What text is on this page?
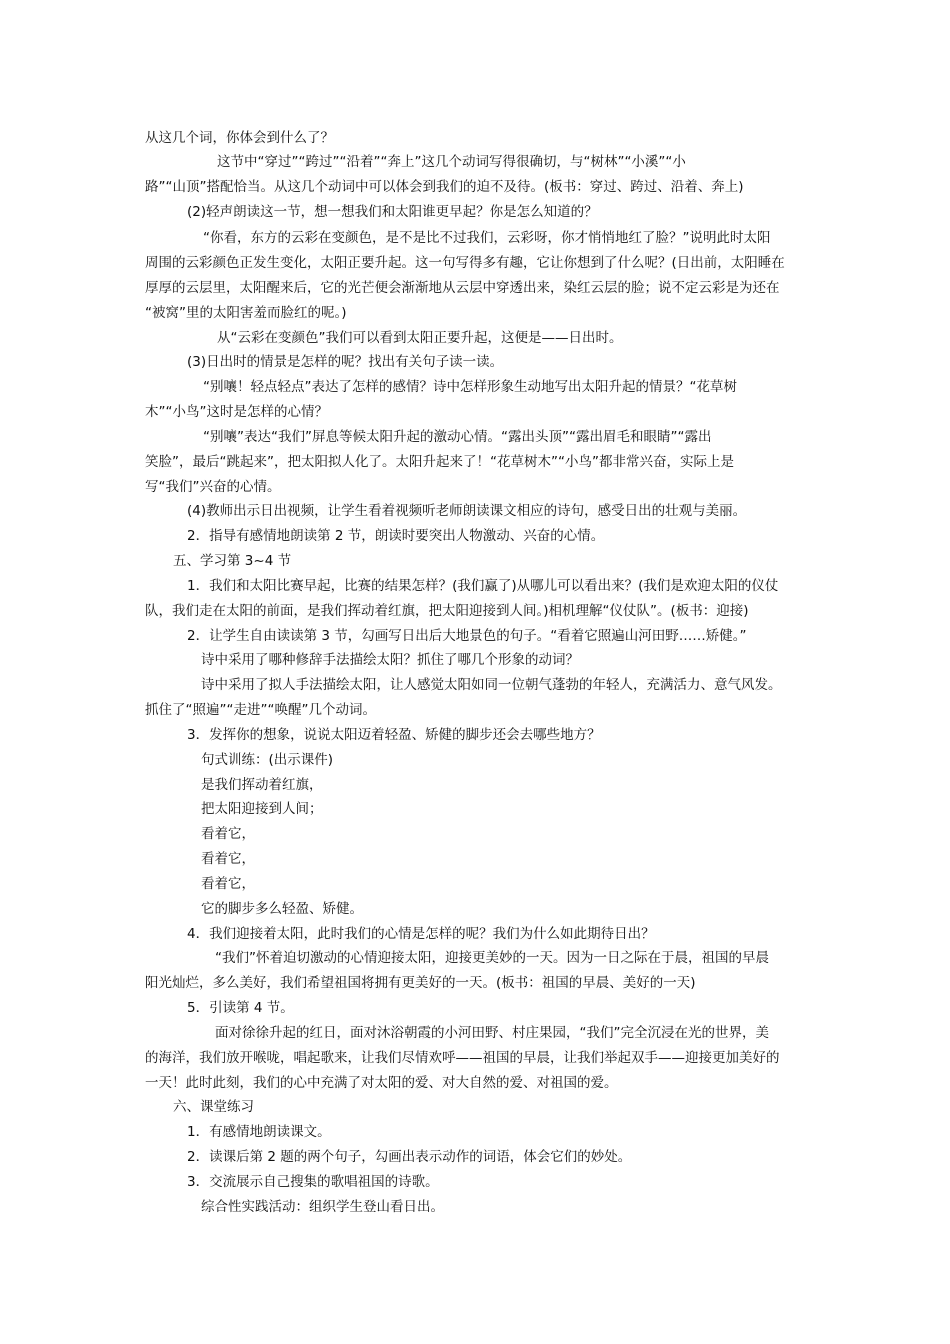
从这几个词，你体会到什么了？
这节中“穿过”“跨过”“沿着”“奔上”这几个动词写得很确切，与“树林”“小溪”“小
路”“山顶”搭配恰当。从这几个动词中可以体会到我们的迫不及待。(板书：穿过、跨过、沿着、奔上)
(2)轻声朗读这一节，想一想我们和太阳谁更早起？你是怎么知道的？
“你看，东方的云彩在变颜色，是不是比不过我们，云彩呀，你才悄悄地红了脸？”说明此时太阳
周围的云彩颜色正发生变化，太阳正要升起。这一句写得多有趣，它让你想到了什么呢？(日出前，太阳睡在
厚厚的云层里，太阳醒来后，它的光芒便会渐渐地从云层中穿透出来，染红云层的脸；说不定云彩是为还在
“被窝”里的太阳害羞而脸红的呢。)
从“云彩在变颜色”我们可以看到太阳正要升起，这便是——日出时。
(3)日出时的情景是怎样的呢？找出有关句子读一读。
“别嚷！轻点轻点”表达了怎样的感情？诗中怎样形象生动地写出太阳升起的情景？“花草树
木”“小鸟”这时是怎样的心情？
“别嚷”表达“我们”屏息等候太阳升起的激动心情。“露出头顶”“露出眉毛和眼睛”“露出
笑脸”，最后“跳起来”，把太阳拟人化了。太阳升起来了！“花草树木”“小鸟”都非常兴奋，实际上是
写“我们”兴奋的心情。
(4)教师出示日出视频，让学生看着视频听老师朗读课文相应的诗句，感受日出的壮观与美丽。
2．指导有感情地朗读第 2 节，朗读时要突出人物激动、兴奋的心情。
五、学习第 3~4 节
1．我们和太阳比赛早起，比赛的结果怎样？(我们赢了)从哪儿可以看出来？(我们是欢迎太阳的仪仗
队，我们走在太阳的前面，是我们挥动着红旗，把太阳迎接到人间。)相机理解“仪仗队”。(板书：迎接)
2．让学生自由读读第 3 节，勾画写日出后大地景色的句子。“看着它照遍山河田野……矫健。”
诗中采用了哪种修辞手法描绘太阳？抓住了哪几个形象的动词？
诗中采用了拟人手法描绘太阳，让人感觉太阳如同一位朝气蓬勃的年轻人，充满活力、意气风发。
抓住了“照遍”“走进”“唤醒”几个动词。
3．发挥你的想象，说说太阳迈着轻盈、矫健的脚步还会去哪些地方？
句式训练：(出示课件)
是我们挥动着红旗，
把太阳迎接到人间；
看着它，
看着它，
看着它，
它的脚步多么轻盈、矫健。
4．我们迎接着太阳，此时我们的心情是怎样的呢？我们为什么如此期待日出？
“我们”怀着迫切激动的心情迎接太阳，迎接更美妙的一天。因为一日之际在于晨，祖国的早晨
阳光灿烂，多么美好，我们希望祖国将拥有更美好的一天。(板书：祖国的早晨、美好的一天)
5．引读第 4 节。
面对徐徐升起的红日，面对沐浴朝霞的小河田野、村庄果园，“我们”完全沉浸在光的世界，美
的海洋，我们放开喉咙，唱起歌来，让我们尽情欢呼——祖国的早晨，让我们举起双手——迎接更加美好的
一天！此时此刻，我们的心中充满了对太阳的爱、对大自然的爱、对祖国的爱。
六、课堂练习
1．有感情地朗读课文。
2．读课后第 2 题的两个句子，勾画出表示动作的词语，体会它们的妙处。
3．交流展示自己搜集的歌唱祖国的诗歌。
综合性实践活动：组织学生登山看日出。
